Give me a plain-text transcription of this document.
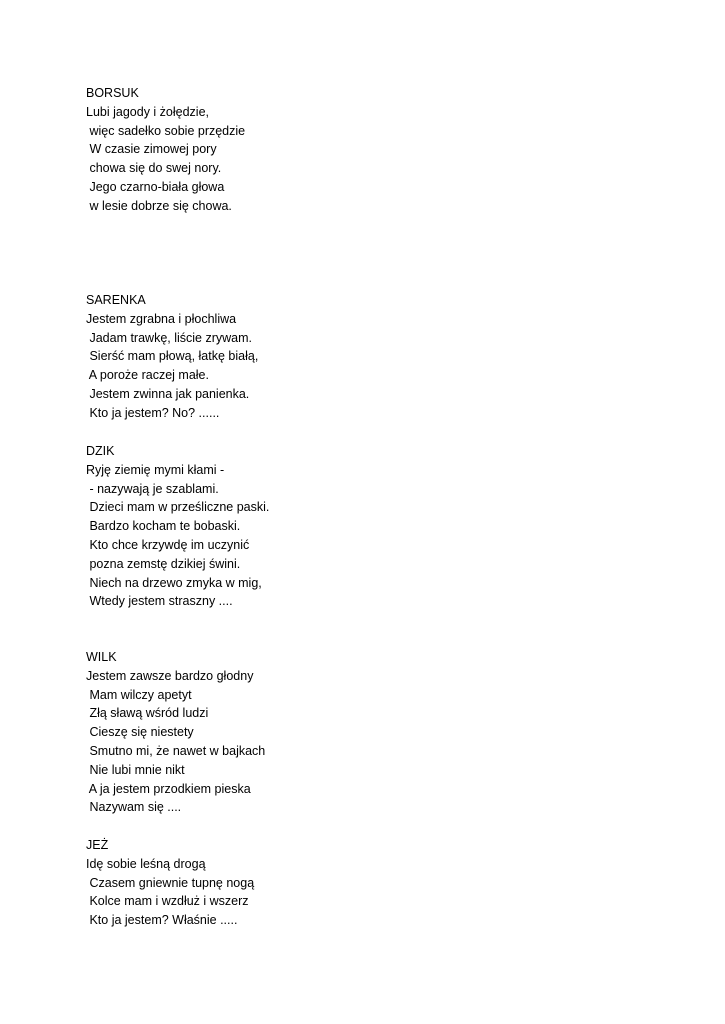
BORSUK
Lubi jagody i żołędzie,
więc sadełko sobie przędzie
W czasie zimowej pory
chowa się do swej nory.
Jego czarno-biała głowa
w lesie dobrze się chowa.
SARENKA
Jestem zgrabna i płochliwa
Jadam trawkę, liście zrywam.
Sierść mam płową, łatkę białą,
A poroże raczej małe.
Jestem zwinna jak panienka.
Kto ja jestem? No? ......
DZIK
Ryję ziemię mymi kłami -
- nazywają je szablami.
Dzieci mam w prześliczne paski.
Bardzo kocham te bobaski.
Kto chce krzywdę im uczynić
pozna zemstę dzikiej świni.
Niech na drzewo zmyka w mig,
Wtedy jestem straszny ....
WILK
Jestem zawsze bardzo głodny
Mam wilczy apetyt
Złą sławą wśród ludzi
Cieszę się niestety
Smutno mi, że nawet w bajkach
Nie lubi mnie nikt
A ja jestem przodkiem pieska
Nazywam się ....
JEŻ
Idę sobie leśną drogą
Czasem gniewnie tupnę nogą
Kolce mam i wzdłuż i wszerz
Kto ja jestem? Właśnie .....
